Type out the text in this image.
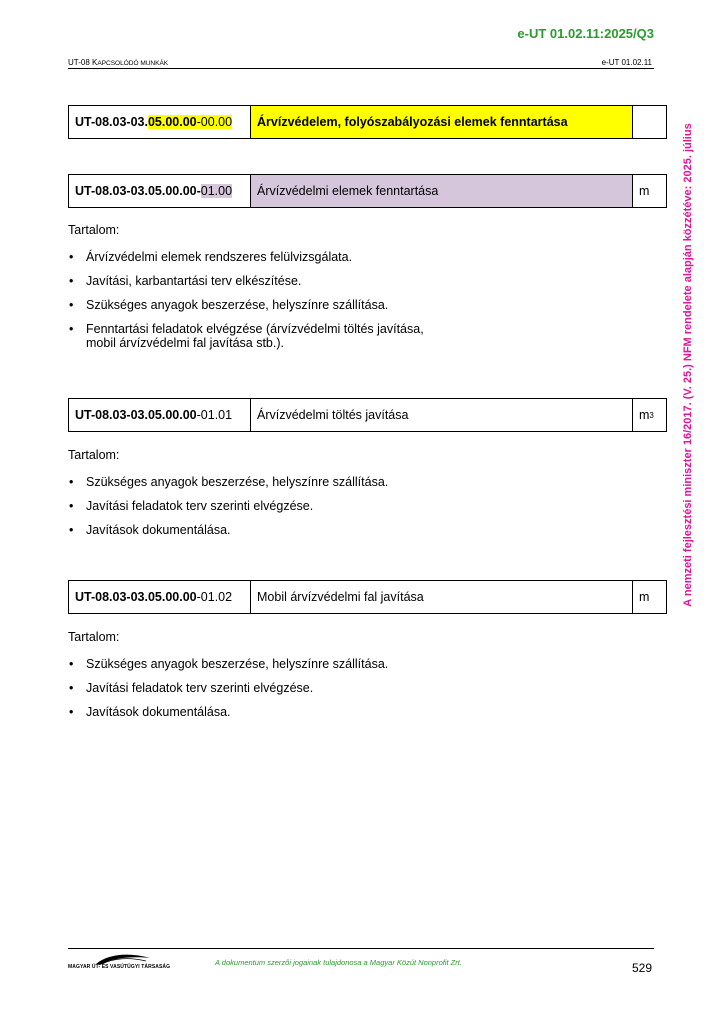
e-UT 01.02.11:2025/Q3
UT-08 KAPCSOLÓDÓ MUNKÁK	e-UT 01.02.11
A nemzeti fejlesztési miniszter 16/2017. (V. 25.) NFM rendelete alapján közzétéve: 2025. július
UT-08.03-03. 05.00.00 -00.00	Árvízvédelem, folyószabályozási elemek fenntartása
UT-08.03-03.05.00.00- 01.00	Árvízvédelmi elemek fenntartása	m
Tartalom:
• Árvízvédelmi elemek rendszeres felülvizsgálata.
• Javítási, karbantartási terv elkészítése.
• Szükséges anyagok beszerzése, helyszínre szállítása.
• Fenntartási feladatok elvégzése (árvízvédelmi töltés javítása,
mobil árvízvédelmi fal javítása stb.).
UT-08.03-03.05.00.00 -01.01	Árvízvédelmi töltés javítása	m 3
Tartalom:
• Szükséges anyagok beszerzése, helyszínre szállítása.
• Javítási feladatok terv szerinti elvégzése.
• Javítások dokumentálása.
UT-08.03-03.05.00.00 -01.02	Mobil árvízvédelmi fal javítása	m
Tartalom:
• Szükséges anyagok beszerzése, helyszínre szállítása.
• Javítási feladatok terv szerinti elvégzése.
• Javítások dokumentálása.
MAGYAR ÚT- ÉS VASÚTÜGYI TÁRSASÁG	A dokumentum szerzői jogainak tulajdonosa a Magyar Közút Nonprofit Zrt.	529
